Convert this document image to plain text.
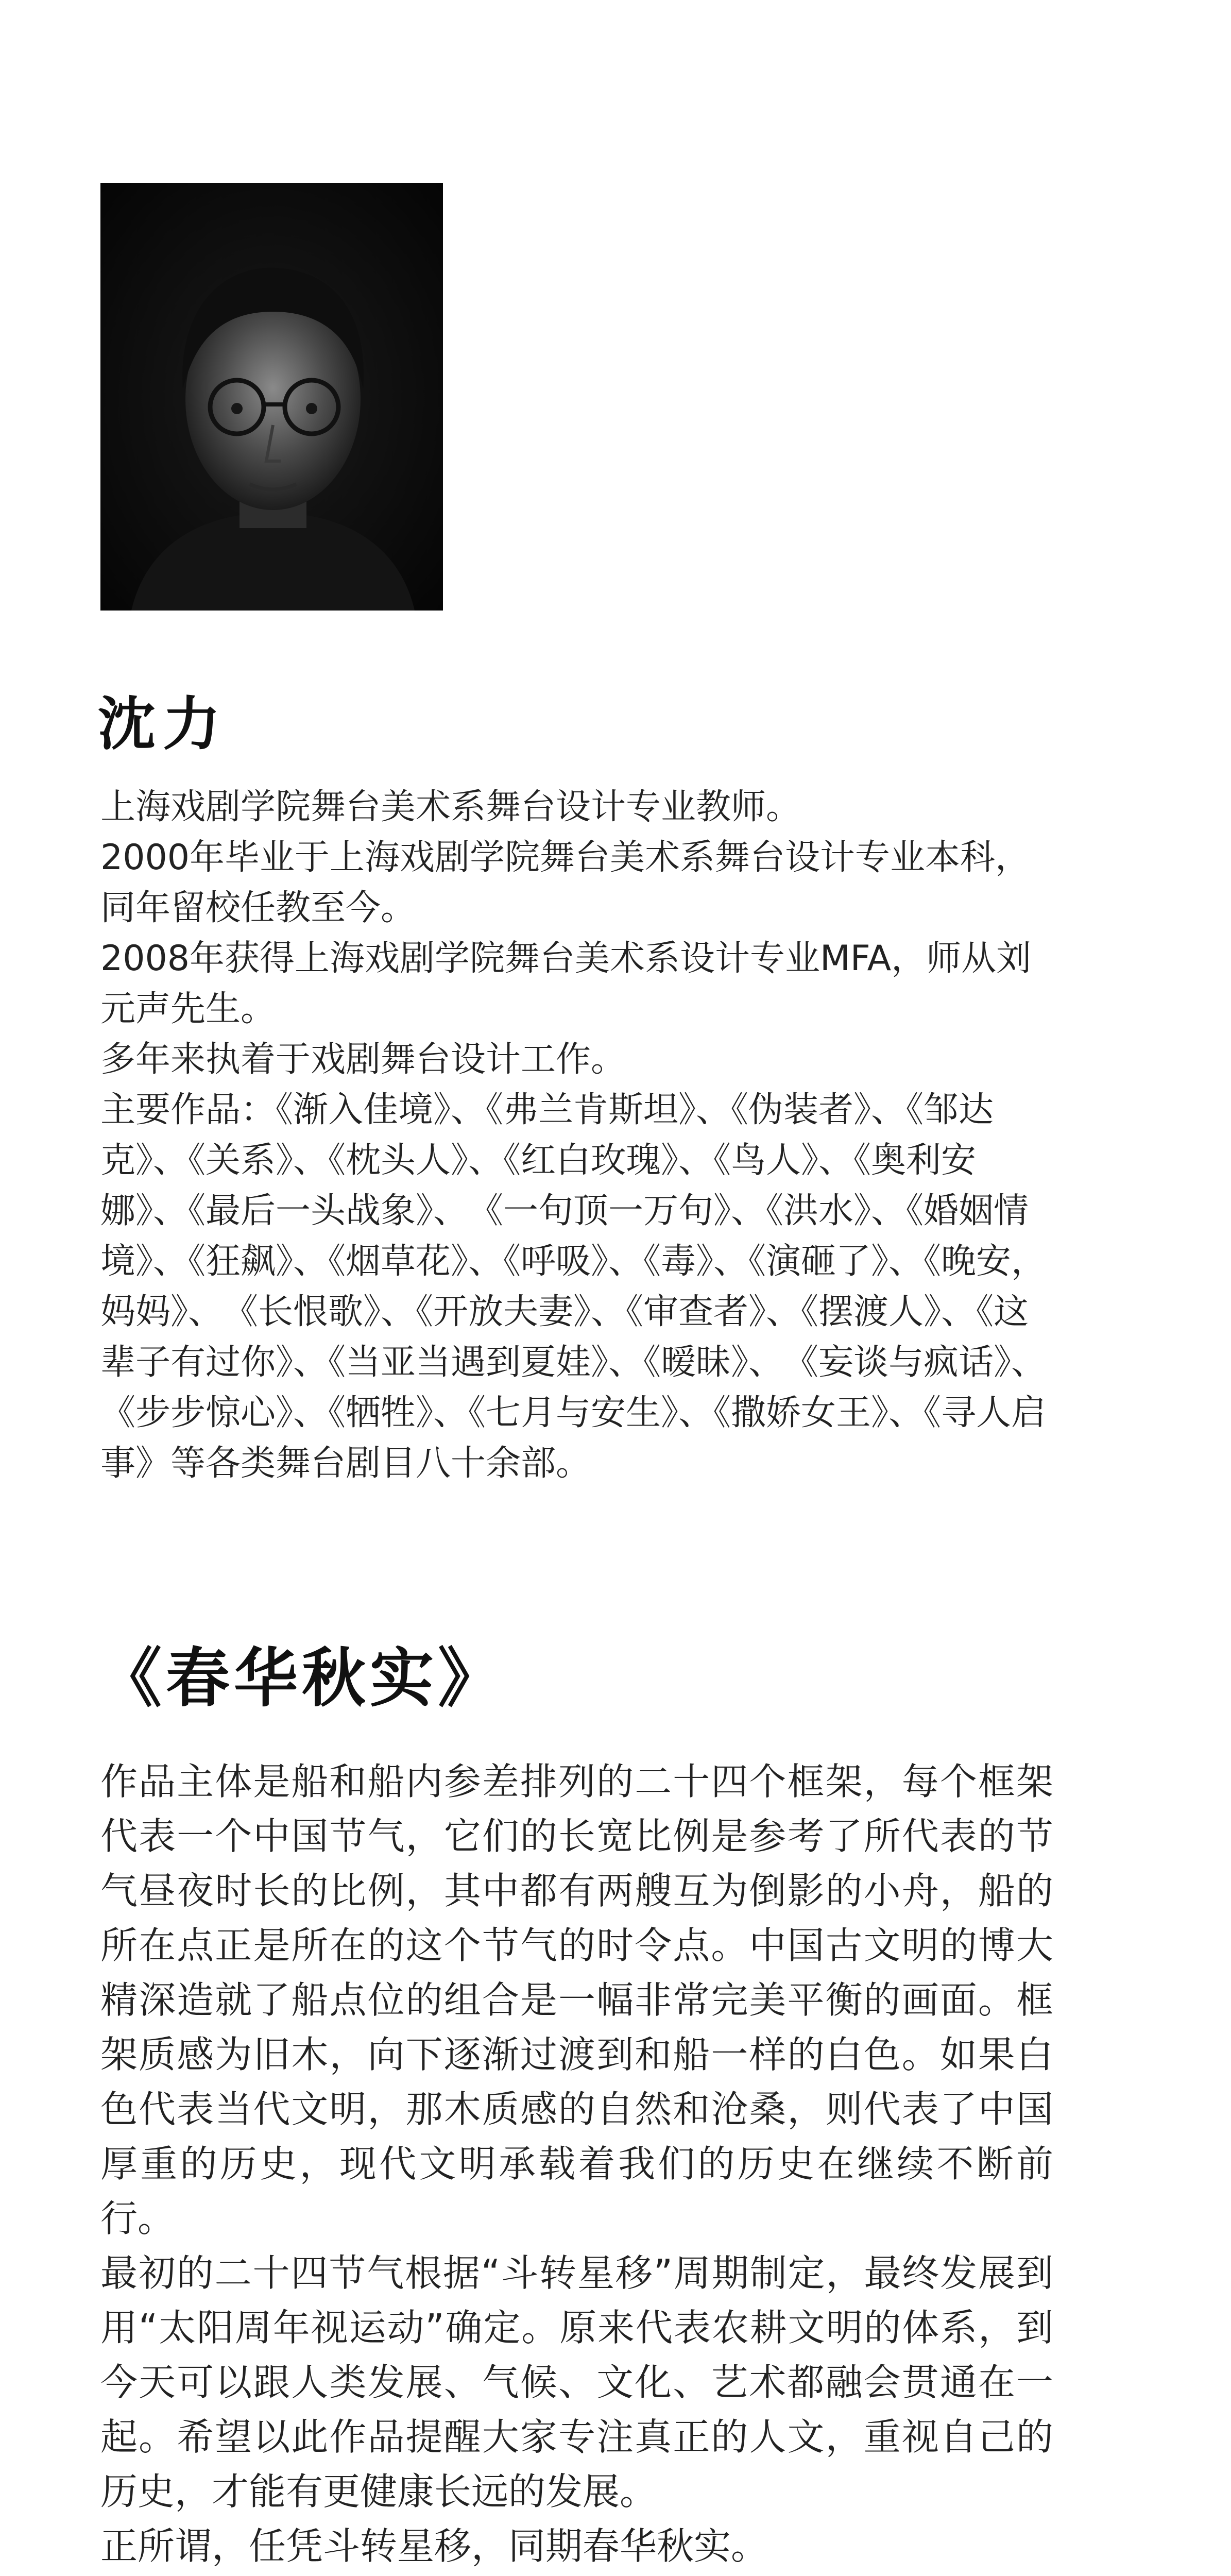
沈力

上海戏剧学院舞台美术系舞台设计专业教师。

2000年毕业于上海戏剧学院舞台美术系舞台设计专业本科，同年留校任教至今。

2008年获得上海戏剧学院舞台美术系设计专业MFA，师从刘元声先生。

多年来执着于戏剧舞台设计工作。

主要作品：《渐入佳境》、《弗兰肯斯坦》、《伪装者》、《邹达克》、《关系》、《枕头人》、《红白玫瑰》、《鸟人》、《奥利安娜》、《最后一头战象》、　《一句顶一万句》、《洪水》、《婚姻情境》、《狂飙》、《烟草花》、《呼吸》、《毒》、《演砸了》、《晚安，妈妈》、　《长恨歌》、《开放夫妻》、《审查者》、《摆渡人》、《这辈子有过你》、《当亚当遇到夏娃》、《暧昧》、　《妄谈与疯话》、　《步步惊心》、《牺牲》、《七月与安生》、《撒娇女王》、《寻人启事》等各类舞台剧目八十余部。

《春华秋实》

作品主体是船和船内参差排列的二十四个框架，每个框架代表一个中国节气，它们的长宽比例是参考了所代表的节气昼夜时长的比例，其中都有两艘互为倒影的小舟，船的所在点正是所在的这个节气的时令点。中国古文明的博大精深造就了船点位的组合是一幅非常完美平衡的画面。框架质感为旧木，向下逐渐过渡到和船一样的白色。如果白色代表当代文明，那木质感的自然和沧桑，则代表了中国厚重的历史，现代文明承载着我们的历史在继续不断前行。

最初的二十四节气根据“斗转星移”周期制定，最终发展到用“太阳周年视运动”确定。原来代表农耕文明的体系，到今天可以跟人类发展、气候、文化、艺术都融会贯通在一起。希望以此作品提醒大家专注真正的人文，重视自己的历史，才能有更健康长远的发展。

正所谓，任凭斗转星移，同期春华秋实。
